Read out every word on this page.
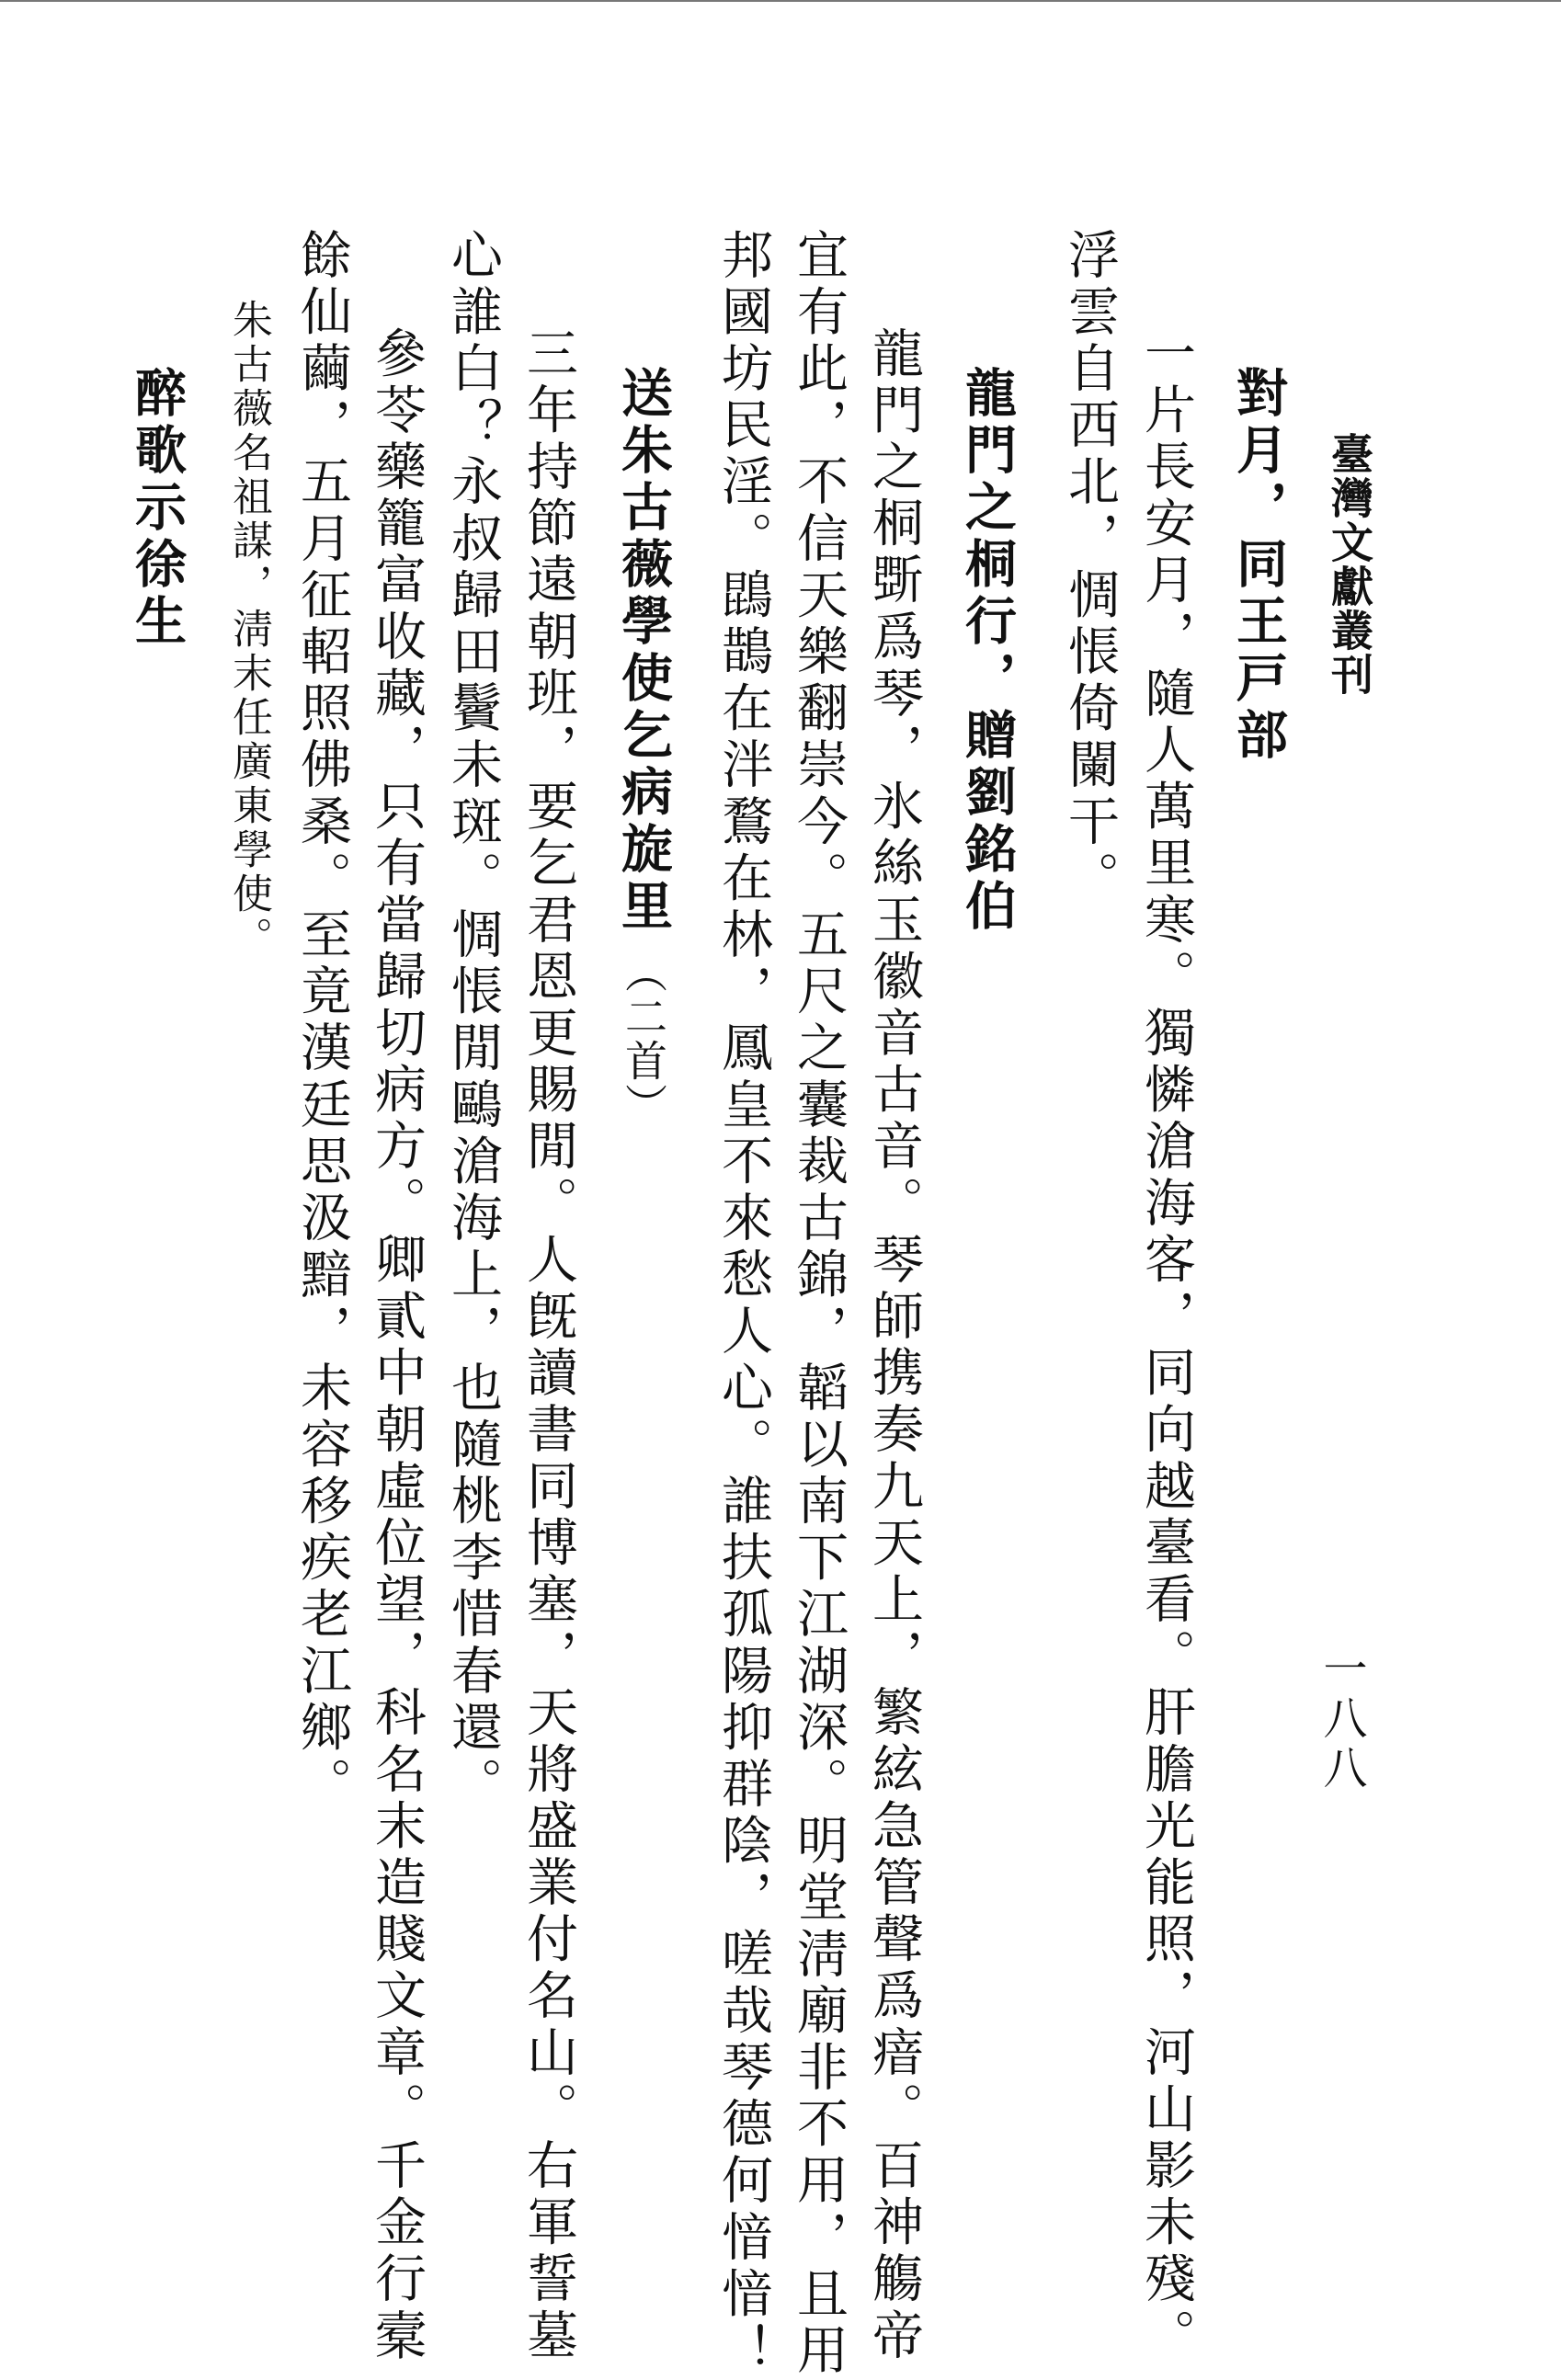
臺灣文獻叢刊
一八八
對月，同王戸部
一片長安月，隨人萬里寒。獨憐滄海客，同向越臺看。肝膽光能照，河山影未殘。
浮雲自西北，惆悵倚闌干。
龍門之桐行，贈劉銘伯
龍門之桐斲爲琴，氷絲玉徽音古音。琴師携奏九天上，繁絃急管聲爲瘖。百神觴帝
宜有此，不信天樂翻崇今。五尺之囊裁古錦，韜以南下江湖深。明堂淸廟非不用，且用
邦國坊民淫。鵾鵲在泮鶩在林，鳳皇不來愁人心。誰扶孤陽抑群陰，嗟哉琴德何愔愔！
送朱古薇學使乞病旋里（二首）
三年持節遠朝班，要乞君恩更賜閒。人旣讀書同博塞，天將盛業付名山。右軍誓墓
心誰白？永叔歸田鬢未斑。惆悵閒鷗滄海上，也隨桃李惜春還。
參苓藥籠富收藏，只有當歸切病方。卿貳中朝虛位望，科名末造賤文章。千金行槖
餘仙繭，五月征軺照佛桑。至竟漢廷思汲黯，未容移疾老江鄉。
朱古薇名祖謀，淸末任廣東學使。
醉歌示徐生
